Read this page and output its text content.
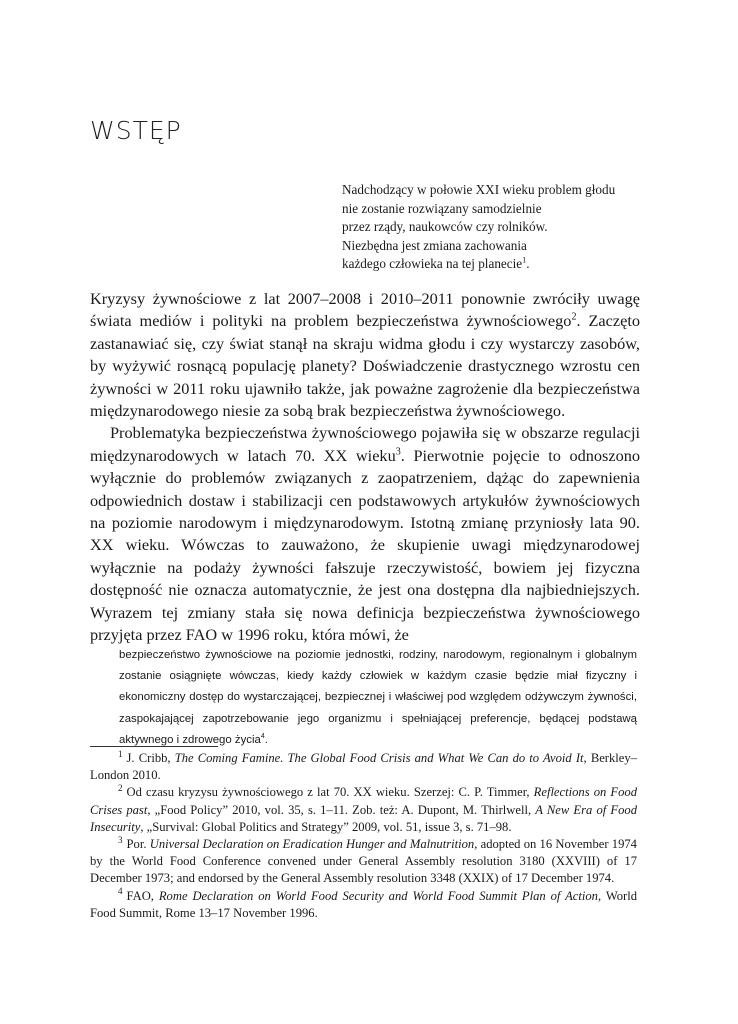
WSTĘP
Nadchodzący w połowie XXI wieku problem głodu
nie zostanie rozwiązany samodzielnie
przez rządy, naukowców czy rolników.
Niezbędna jest zmiana zachowania
każdego człowieka na tej planecie$^1$.

Kryzysy żywnościowe z lat 2007–2008 i 2010–2011 ponownie zwróciły uwagę świata mediów i polityki na problem bezpieczeństwa żywnościowego$^2$. Zaczęto zastanawiać się, czy świat stanął na skraju widma głodu i czy wystarczy zasobów, by wyżywić rosnącą populację planety? Doświadczenie drastycznego wzrostu cen żywności w 2011 roku ujawniło także, jak poważne zagrożenie dla bezpieczeństwa międzynarodowego niesie za sobą brak bezpieczeństwa żywnościowego.

Problematyka bezpieczeństwa żywnościowego pojawiła się w obszarze regulacji międzynarodowych w latach 70. XX wieku$^3$. Pierwotnie pojęcie to odnoszono wyłącznie do problemów związanych z zaopatrzeniem, dążąc do zapewnienia odpowiednich dostaw i stabilizacji cen podstawowych artykułów żywnościowych na poziomie narodowym i międzynarodowym. Istotną zmianę przyniosły lata 90. XX wieku. Wówczas to zauważono, że skupienie uwagi międzynarodowej wyłącznie na podaży żywności fałszuje rzeczywistość, bowiem jej fizyczna dostępność nie oznacza automatycznie, że jest ona dostępna dla najbiedniejszych. Wyrazem tej zmiany stała się nowa definicja bezpieczeństwa żywnościowego przyjęta przez FAO w 1996 roku, która mówi, że

bezpieczeństwo żywnościowe na poziomie jednostki, rodziny, narodowym, regionalnym i globalnym zostanie osiągnięte wówczas, kiedy każdy człowiek w każdym czasie będzie miał fizyczny i ekonomiczny dostęp do wystarczającej, bezpiecznej i właściwej pod względem odżywczym żywności, zaspokajającej zapotrzebowanie jego organizmu i spełniającej preferencje, będącej podstawą aktywnego i zdrowego życia$^4$.

$^1$ J. Cribb, The Coming Famine. The Global Food Crisis and What We Can do to Avoid It, Berkley–London 2010.

$^2$ Od czasu kryzysu żywnościowego z lat 70. XX wieku. Szerzej: C. P. Timmer, Reflections on Food Crises past, „Food Policy” 2010, vol. 35, s. 1–11. Zob. też: A. Dupont, M. Thirlwell, A New Era of Food Insecurity, „Survival: Global Politics and Strategy” 2009, vol. 51, issue 3, s. 71–98.

$^3$ Por. Universal Declaration on Eradication Hunger and Malnutrition, adopted on 16 November 1974 by the World Food Conference convened under General Assembly resolution 3180 (XXVIII) of 17 December 1973; and endorsed by the General Assembly resolution 3348 (XXIX) of 17 December 1974.

$^4$ FAO, Rome Declaration on World Food Security and World Food Summit Plan of Action, World Food Summit, Rome 13–17 November 1996.
